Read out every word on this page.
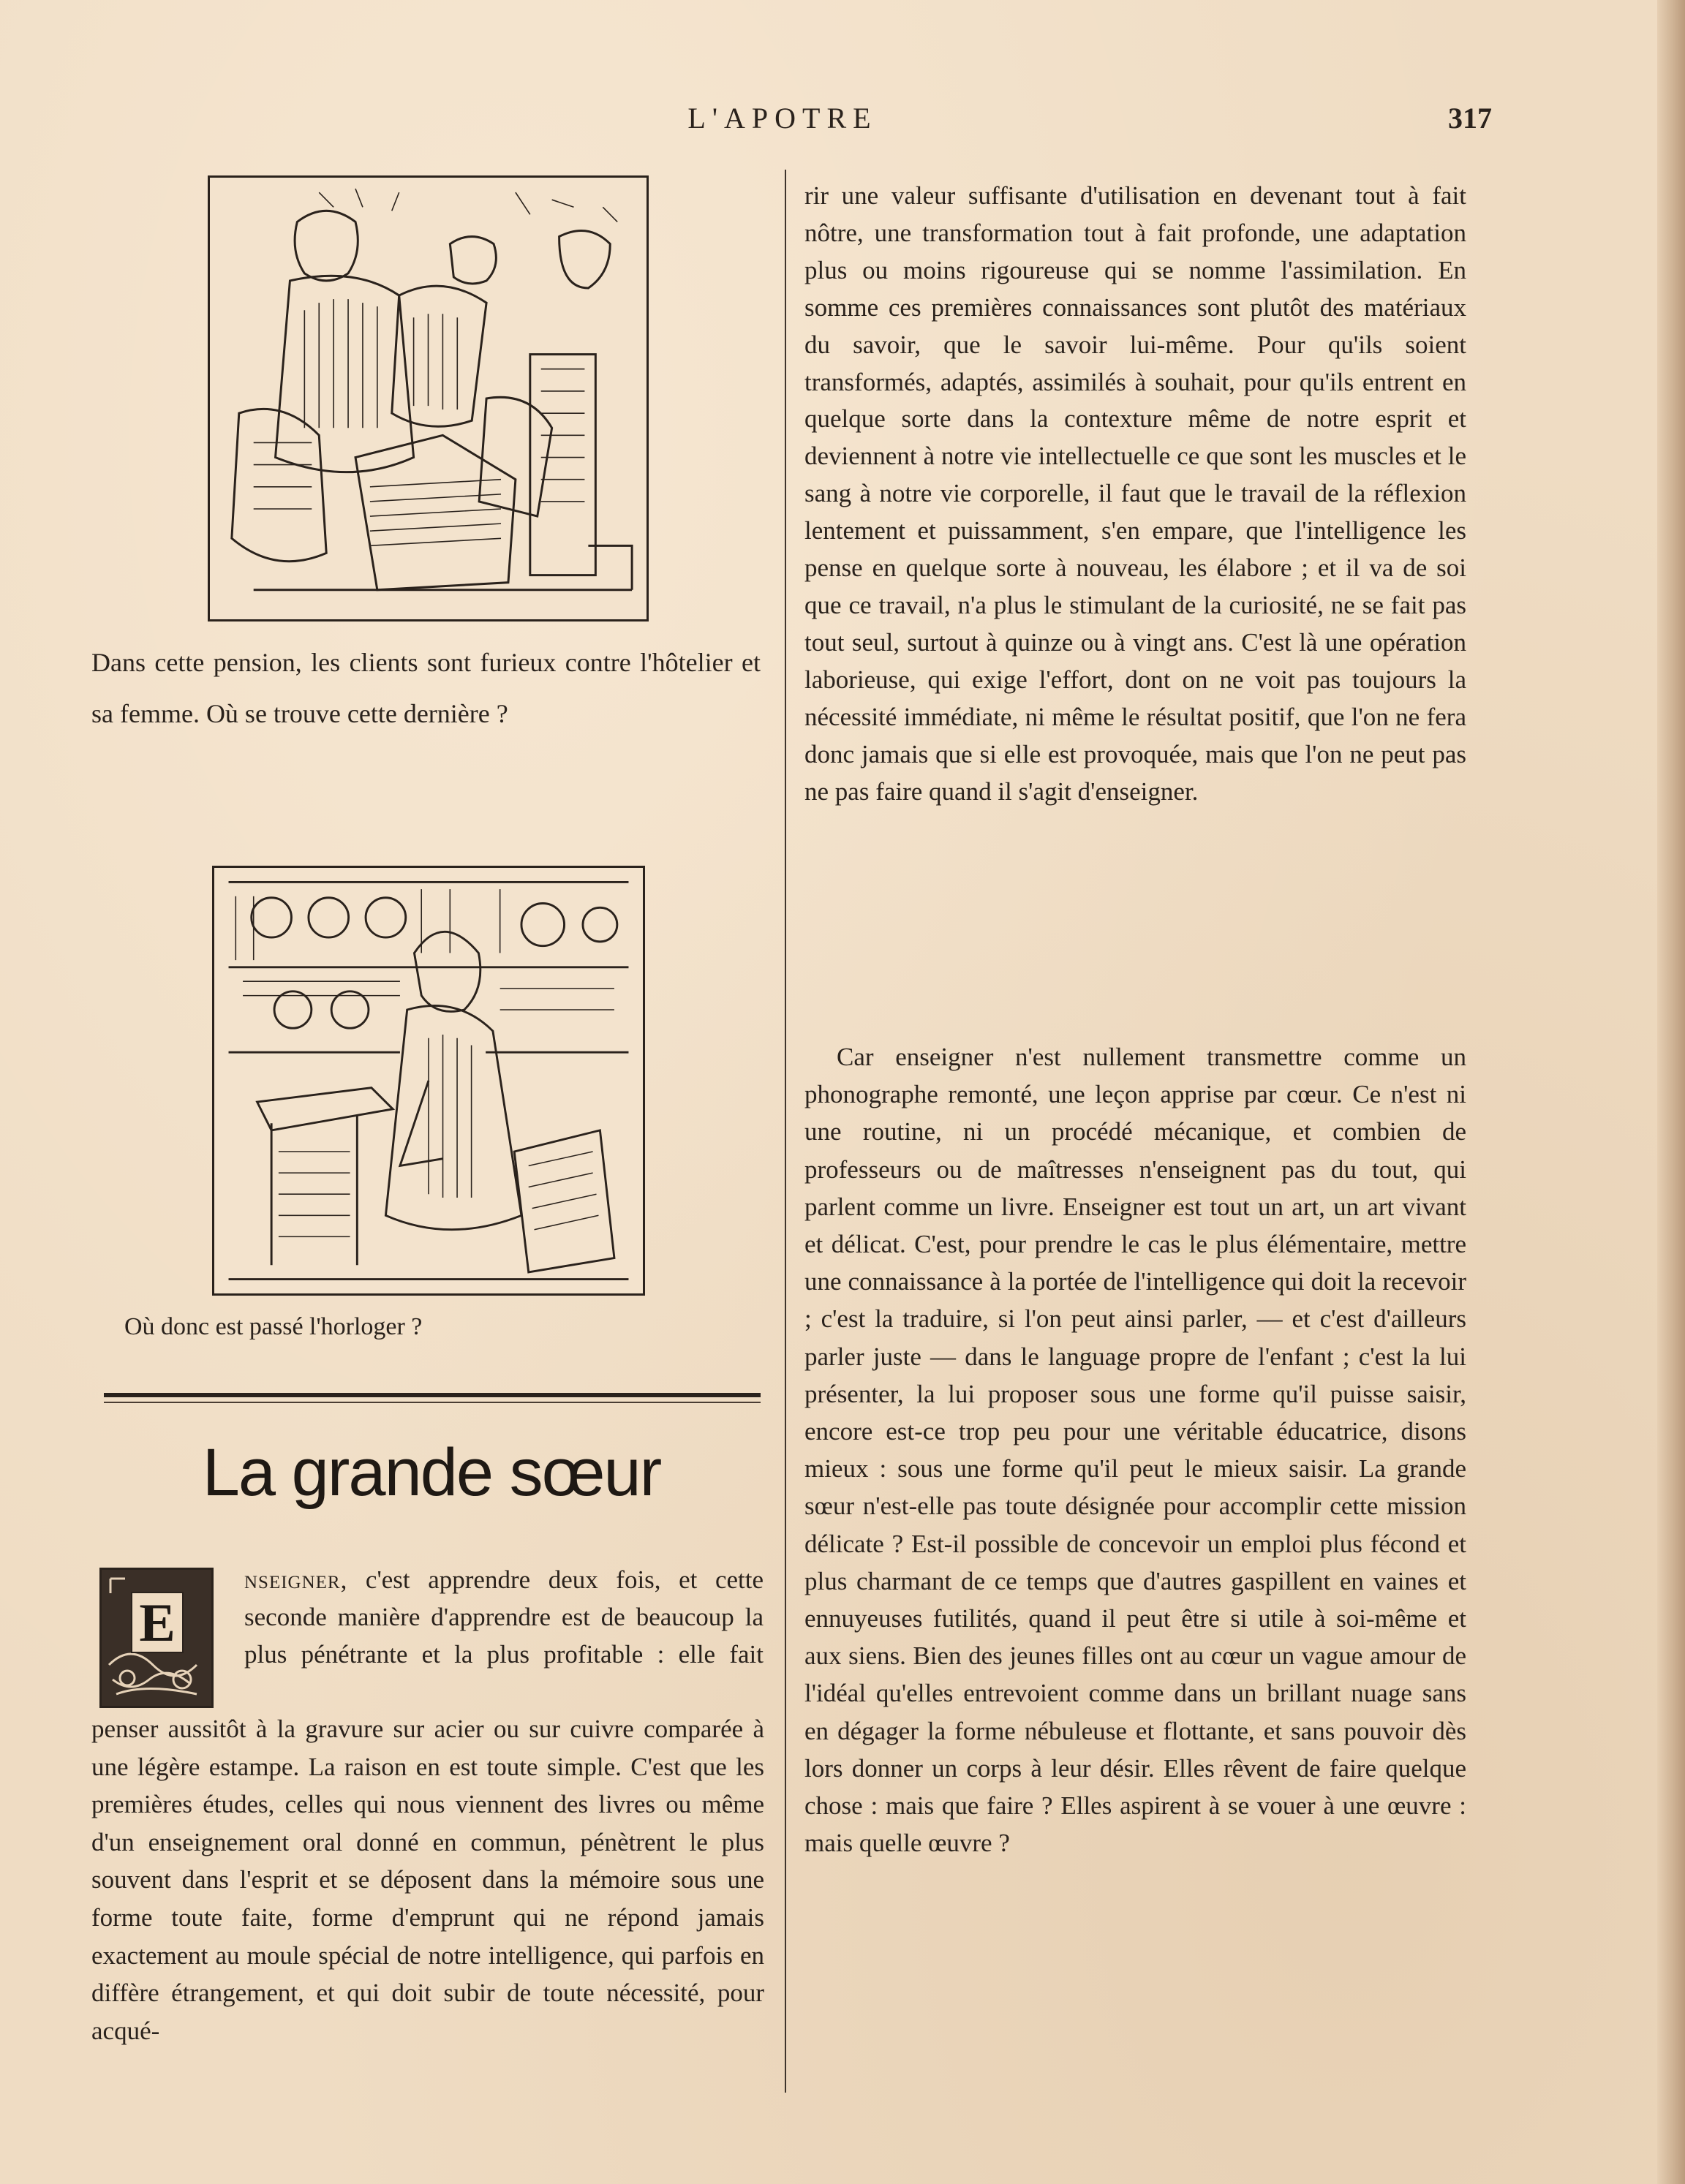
L'APOTRE	317
Dans cette pension, les clients sont furieux contre l'hôtelier et sa femme. Où se trouve cette dernière ?
Où donc est passé l'horloger ?
La grande sœur
E

nseigner, c'est apprendre deux fois, et cette seconde manière d'apprendre est de beaucoup la plus pénétrante et la plus profitable : elle fait

penser aussitôt à la gravure sur acier ou sur cuivre comparée à une légère estampe. La raison en est toute simple. C'est que les premières études, celles qui nous viennent des livres ou même d'un enseignement oral donné en commun, pénètrent le plus souvent dans l'esprit et se déposent dans la mémoire sous une forme toute faite, forme d'emprunt qui ne répond jamais exactement au moule spécial de notre intelligence, qui parfois en diffère étrangement, et qui doit subir de toute nécessité, pour acqué-

rir une valeur suffisante d'utilisation en devenant tout à fait nôtre, une transformation tout à fait profonde, une adaptation plus ou moins rigoureuse qui se nomme l'assimilation. En somme ces premières connaissances sont plutôt des matériaux du savoir, que le savoir lui-même. Pour qu'ils soient transformés, adaptés, assimilés à souhait, pour qu'ils entrent en quelque sorte dans la contexture même de notre esprit et deviennent à notre vie intellectuelle ce que sont les muscles et le sang à notre vie corporelle, il faut que le travail de la réflexion lentement et puissamment, s'en empare, que l'intelligence les pense en quelque sorte à nouveau, les élabore ; et il va de soi que ce travail, n'a plus le stimulant de la curiosité, ne se fait pas tout seul, surtout à quinze ou à vingt ans. C'est là une opération laborieuse, qui exige l'effort, dont on ne voit pas toujours la nécessité immédiate, ni même le résultat positif, que l'on ne fera donc jamais que si elle est provoquée, mais que l'on ne peut pas ne pas faire quand il s'agit d'enseigner.

Car enseigner n'est nullement transmettre comme un phonographe remonté, une leçon apprise par cœur. Ce n'est ni une routine, ni un procédé mécanique, et combien de professeurs ou de maîtresses n'enseignent pas du tout, qui parlent comme un livre. Enseigner est tout un art, un art vivant et délicat. C'est, pour prendre le cas le plus élémentaire, mettre une connaissance à la portée de l'intelligence qui doit la recevoir ; c'est la traduire, si l'on peut ainsi parler, — et c'est d'ailleurs parler juste — dans le language propre de l'enfant ; c'est la lui présenter, la lui proposer sous une forme qu'il puisse saisir, encore est-ce trop peu pour une véritable éducatrice, disons mieux : sous une forme qu'il peut le mieux saisir. La grande sœur n'est-elle pas toute désignée pour accomplir cette mission délicate ? Est-il possible de concevoir un emploi plus fécond et plus charmant de ce temps que d'autres gaspillent en vaines et ennuyeuses futilités, quand il peut être si utile à soi-même et aux siens. Bien des jeunes filles ont au cœur un vague amour de l'idéal qu'elles entrevoient comme dans un brillant nuage sans en dégager la forme nébuleuse et flottante, et sans pouvoir dès lors donner un corps à leur désir. Elles rêvent de faire quelque chose : mais que faire ? Elles aspirent à se vouer à une œuvre : mais quelle œuvre ?
